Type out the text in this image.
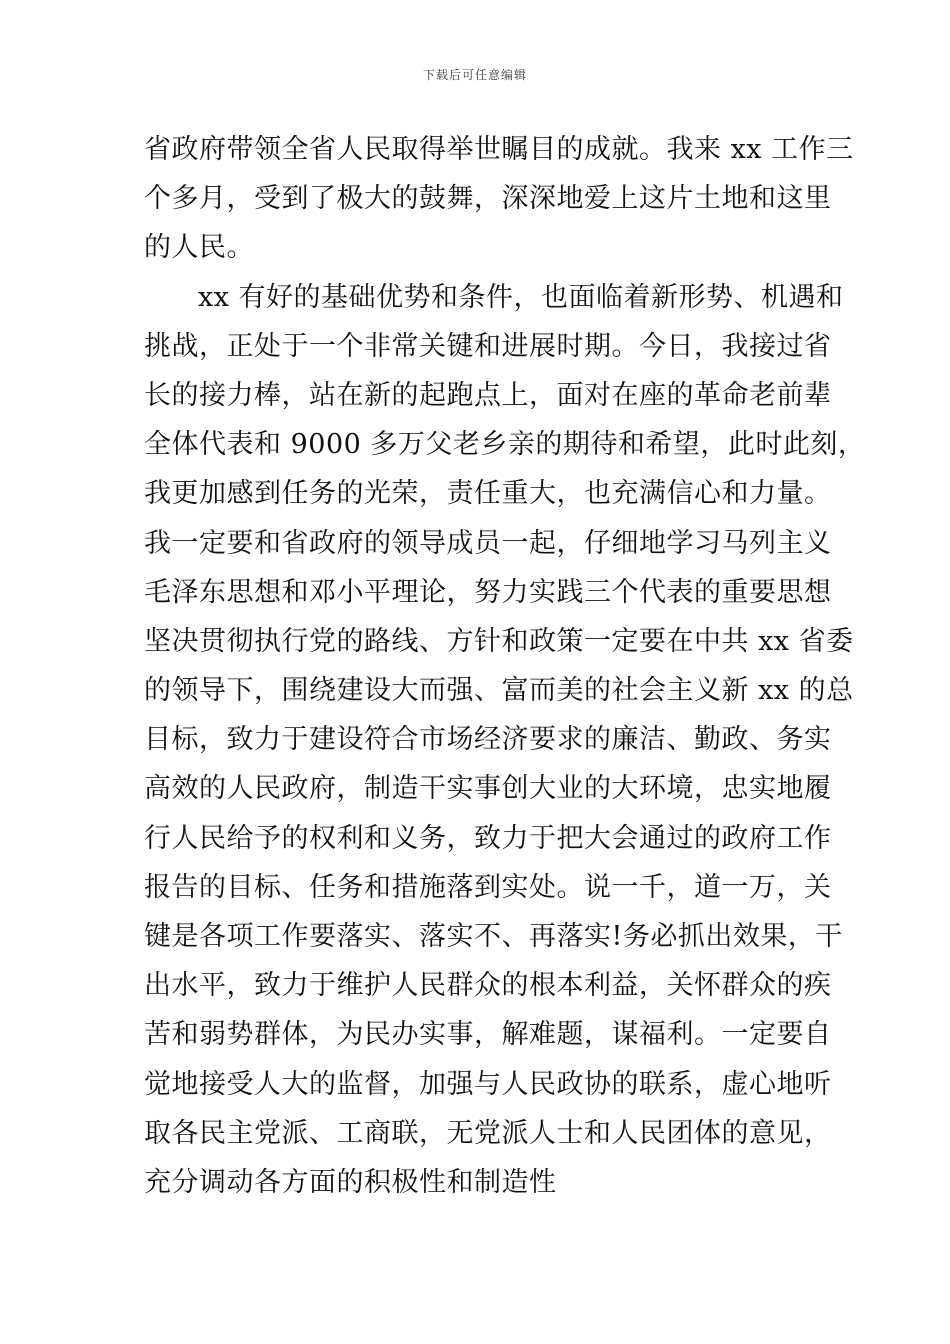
下载后可任意编辑
省政府带领全省人民取得举世瞩目的成就。我来 xx 工作三
个多月，受到了极大的鼓舞，深深地爱上这片土地和这里
的人民。
xx 有好的基础优势和条件，也面临着新形势、机遇和
挑战，正处于一个非常关键和进展时期。今日，我接过省
长的接力棒，站在新的起跑点上，面对在座的革命老前辈
全体代表和 9000 多万父老乡亲的期待和希望，此时此刻，
我更加感到任务的光荣，责任重大，也充满信心和力量。
我一定要和省政府的领导成员一起，仔细地学习马列主义
毛泽东思想和邓小平理论，努力实践三个代表的重要思想
坚决贯彻执行党的路线、方针和政策一定要在中共 xx 省委
的领导下，围绕建设大而强、富而美的社会主义新 xx 的总
目标，致力于建设符合市场经济要求的廉洁、勤政、务实
高效的人民政府，制造干实事创大业的大环境，忠实地履
行人民给予的权利和义务，致力于把大会通过的政府工作
报告的目标、任务和措施落到实处。说一千，道一万，关
键是各项工作要落实、落实不、再落实!务必抓出效果，干
出水平，致力于维护人民群众的根本利益，关怀群众的疾
苦和弱势群体，为民办实事，解难题，谋福利。一定要自
觉地接受人大的监督，加强与人民政协的联系，虚心地听
取各民主党派、工商联，无党派人士和人民团体的意见，
充分调动各方面的积极性和制造性
